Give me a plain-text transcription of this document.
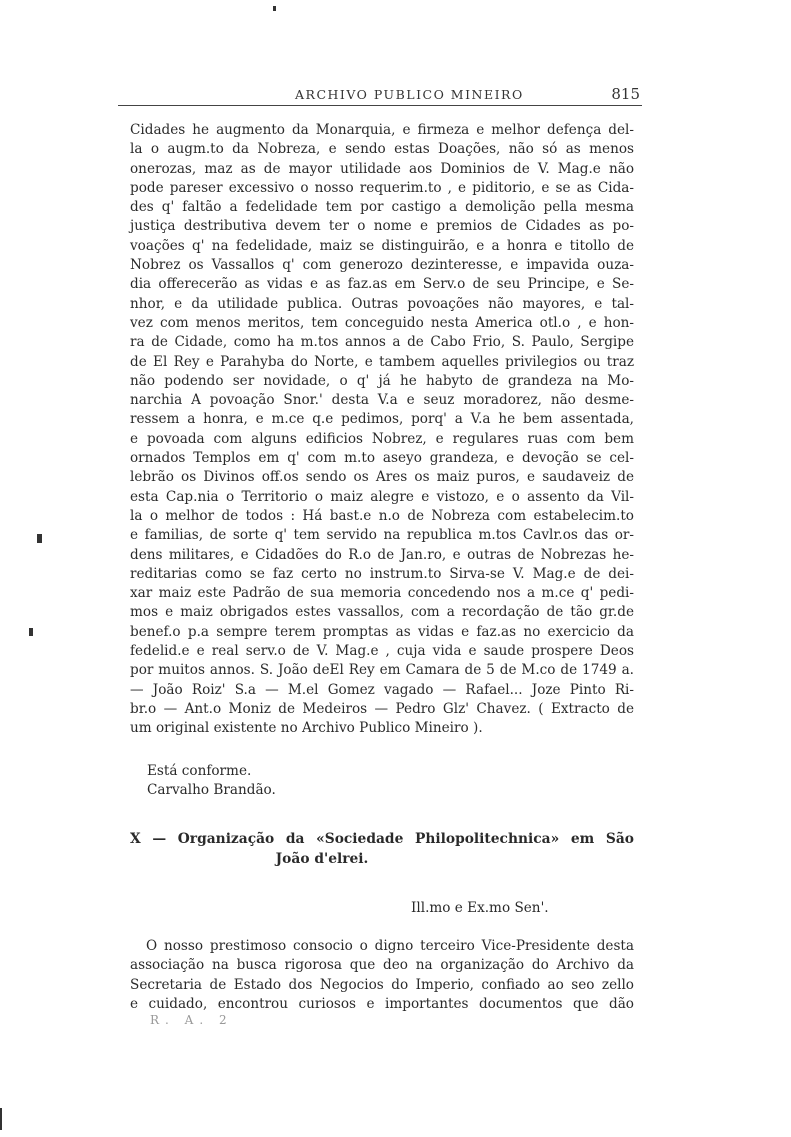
ARCHIVO PUBLICO MINEIRO	815
Cidades he augmento da Monarquia, e firmeza e melhor defença del-
la o augm.to da Nobreza, e sendo estas Doações, não só as menos
onerozas, maz as de mayor utilidade aos Dominios de V. Mag.e não
pode pareser excessivo o nosso requerim.to , e piditorio, e se as Cida-
des q' faltão a fedelidade tem por castigo a demolição pella mesma
justiça destributiva devem ter o nome e premios de Cidades as po-
voações q' na fedelidade, maiz se distinguirão, e a honra e titollo de
Nobrez os Vassallos q' com generozo dezinteresse, e impavida ouza-
dia offerecerão as vidas e as faz.as em Serv.o de seu Principe, e Se-
nhor, e da utilidade publica. Outras povoações não mayores, e tal-
vez com menos meritos, tem conceguido nesta America otl.o , e hon-
ra de Cidade, como ha m.tos annos a de Cabo Frio, S. Paulo, Sergipe
de El Rey e Parahyba do Norte, e tambem aquelles privilegios ou traz
não podendo ser novidade, o q' já he habyto de grandeza na Mo-
narchia A povoação Snor.' desta V.a e seuz moradorez, não desme-
ressem a honra, e m.ce q.e pedimos, porq' a V.a he bem assentada,
e povoada com alguns edificios Nobrez, e regulares ruas com bem
ornados Templos em q' com m.to aseyo grandeza, e devoção se cel-
lebrão os Divinos off.os sendo os Ares os maiz puros, e saudaveiz de
esta Cap.nia o Territorio o maiz alegre e vistozo, e o assento da Vil-
la o melhor de todos : Há bast.e n.o de Nobreza com estabelecim.to
e familias, de sorte q' tem servido na republica m.tos Cavlr.os das or-
dens militares, e Cidadões do R.o de Jan.ro, e outras de Nobrezas he-
reditarias como se faz certo no instrum.to Sirva-se V. Mag.e de dei-
xar maiz este Padrão de sua memoria concedendo nos a m.ce q' pedi-
mos e maiz obrigados estes vassallos, com a recordação de tão gr.de
benef.o p.a sempre terem promptas as vidas e faz.as no exercicio da
fedelid.e e real serv.o de V. Mag.e , cuja vida e saude prospere Deos
por muitos annos. S. João deEl Rey em Camara de 5 de M.co de 1749 a.
— João Roiz' S.a — M.el Gomez vagado — Rafael... Joze Pinto Ri-
br.o — Ant.o Moniz de Medeiros — Pedro Glz' Chavez. ( Extracto de
um original existente no Archivo Publico Mineiro ).
Está conforme.
Carvalho Brandão.
X — Organização da «Sociedade Philopolitechnica» em São
João d'elrei.
Ill.mo e Ex.mo Sen'.
O nosso prestimoso consocio o digno terceiro Vice-Presidente desta
associação na busca rigorosa que deo na organização do Archivo da
Secretaria de Estado dos Negocios do Imperio, confiado ao seo zello
e cuidado, encontrou curiosos e importantes documentos que dão
R. A. 2
